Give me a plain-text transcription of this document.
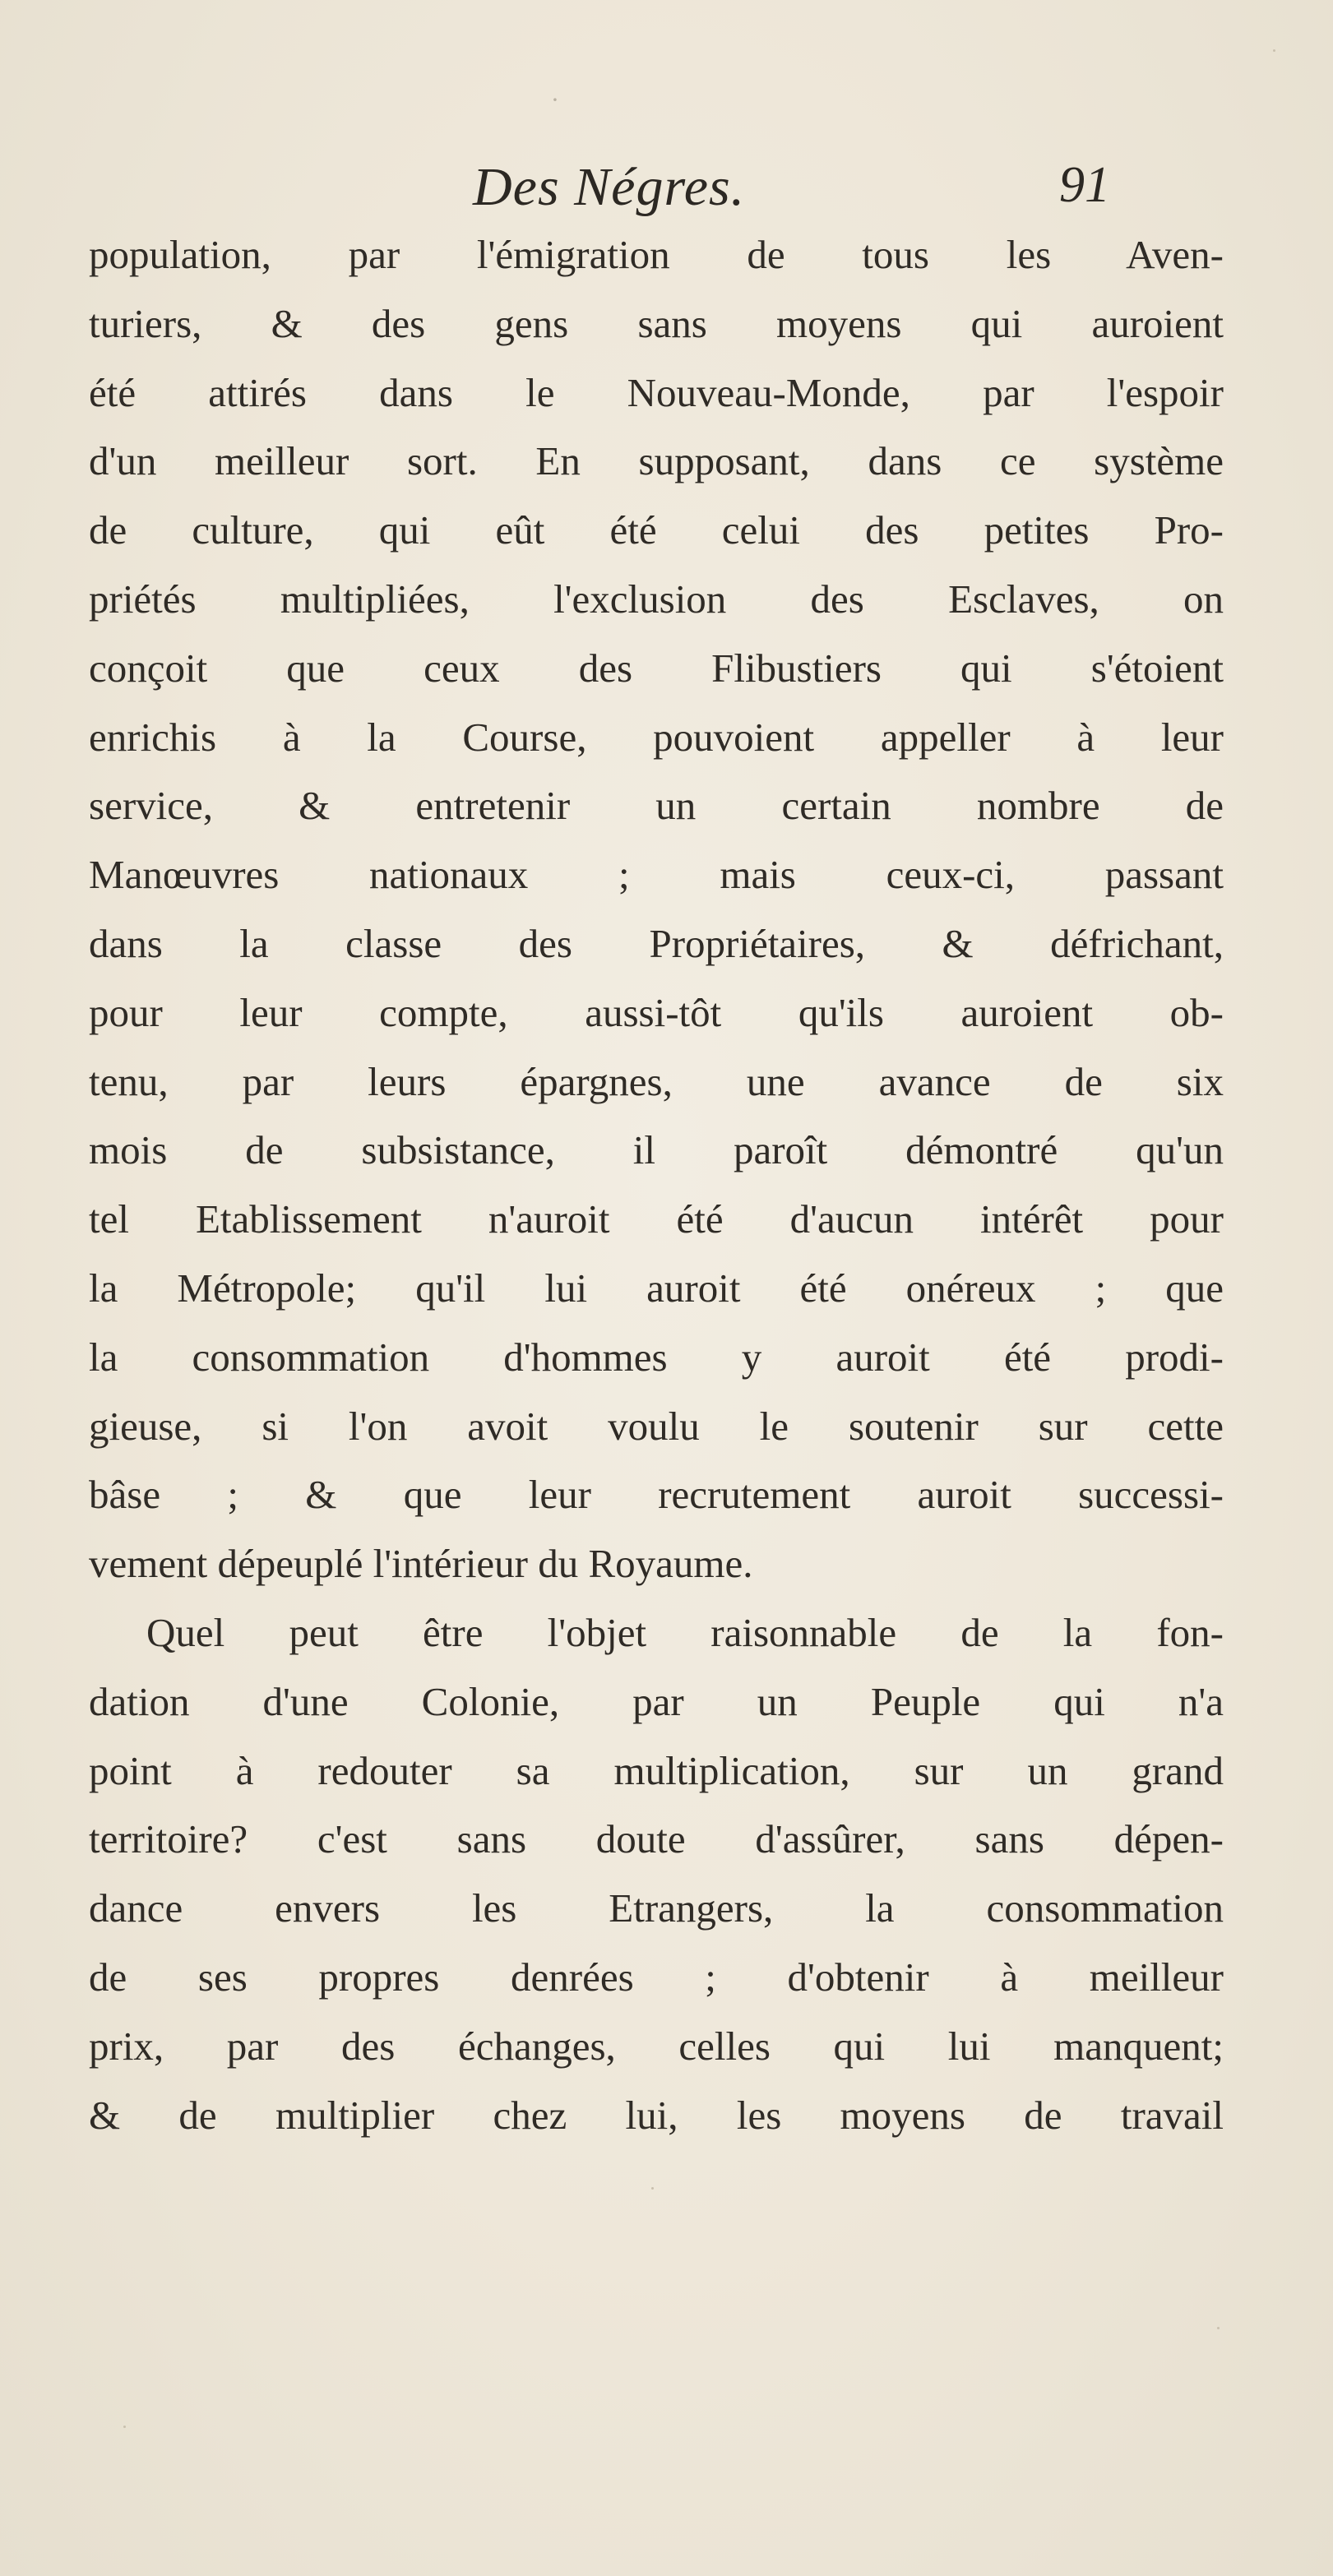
Des Négres.	91
·
population, par l'émigration de tous les Aven-
turiers, & des gens sans moyens qui auroient
été attirés dans le Nouveau-Monde, par l'espoir
d'un meilleur sort. En supposant, dans ce système
de culture, qui eût été celui des petites Pro-
priétés multipliées, l'exclusion des Esclaves, on
conçoit que ceux des Flibustiers qui s'étoient
enrichis à la Course, pouvoient appeller à leur
service, & entretenir un certain nombre de
Manœuvres nationaux ; mais ceux-ci, passant
dans la classe des Propriétaires, & défrichant,
pour leur compte, aussi-tôt qu'ils auroient ob-
tenu, par leurs épargnes, une avance de six
mois de subsistance, il paroît démontré qu'un
tel Etablissement n'auroit été d'aucun intérêt pour
la Métropole; qu'il lui auroit été onéreux ; que
la consommation d'hommes y auroit été prodi-
gieuse, si l'on avoit voulu le soutenir sur cette
bâse ; & que leur recrutement auroit successi-
vement dépeuplé l'intérieur du Royaume.
Quel peut être l'objet raisonnable de la fon-
dation d'une Colonie, par un Peuple qui n'a
point à redouter sa multiplication, sur un grand
territoire? c'est sans doute d'assûrer, sans dépen-
dance envers les Etrangers, la consommation
de ses propres denrées ; d'obtenir à meilleur
prix, par des échanges, celles qui lui manquent;
& de multiplier chez lui, les moyens de travail
